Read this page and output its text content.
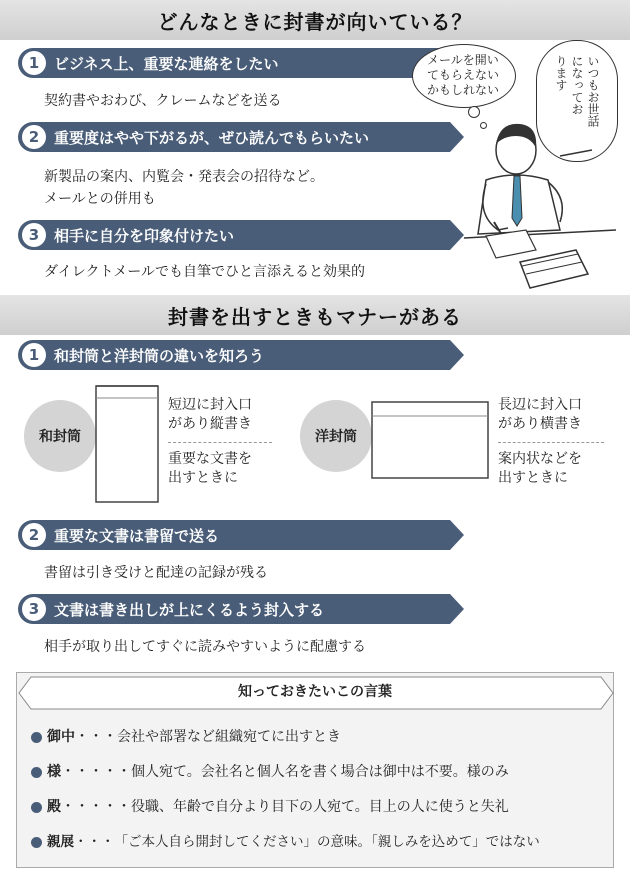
どんなときに封書が向いている？
1 ビジネス上、重要な連絡をしたい
契約書やおわび、クレームなどを送る
2 重要度はやや下がるが、ぜひ読んでもらいたい
新製品の案内、内覧会・発表会の招待など。
メールとの併用も
3 相手に自分を印象付けたい
ダイレクトメールでも自筆でひと言添えると効果的
メールを開い
てもらえない
かもしれない	いつもお世話
になってお
ります
封書を出すときもマナーがある
1 和封筒と洋封筒の違いを知ろう
和封筒
短辺に封入口
があり縦書き
重要な文書を
出すときに
洋封筒
長辺に封入口
があり横書き
案内状などを
出すときに
2 重要な文書は書留で送る
書留は引き受けと配達の記録が残る
3 文書は書き出しが上にくるよう封入する
相手が取り出してすぐに読みやすいように配慮する
知っておきたいこの言葉
御中 ・・・ 会社や部署など組織宛てに出すとき
様 ・・・・・ 個人宛て。会社名と個人名を書く場合は御中は不要。様のみ
殿 ・・・・・ 役職、年齢で自分より目下の人宛て。目上の人に使うと失礼
親展 ・・・ 「ご本人自ら開封してください」の意味。「親しみを込めて」ではない
